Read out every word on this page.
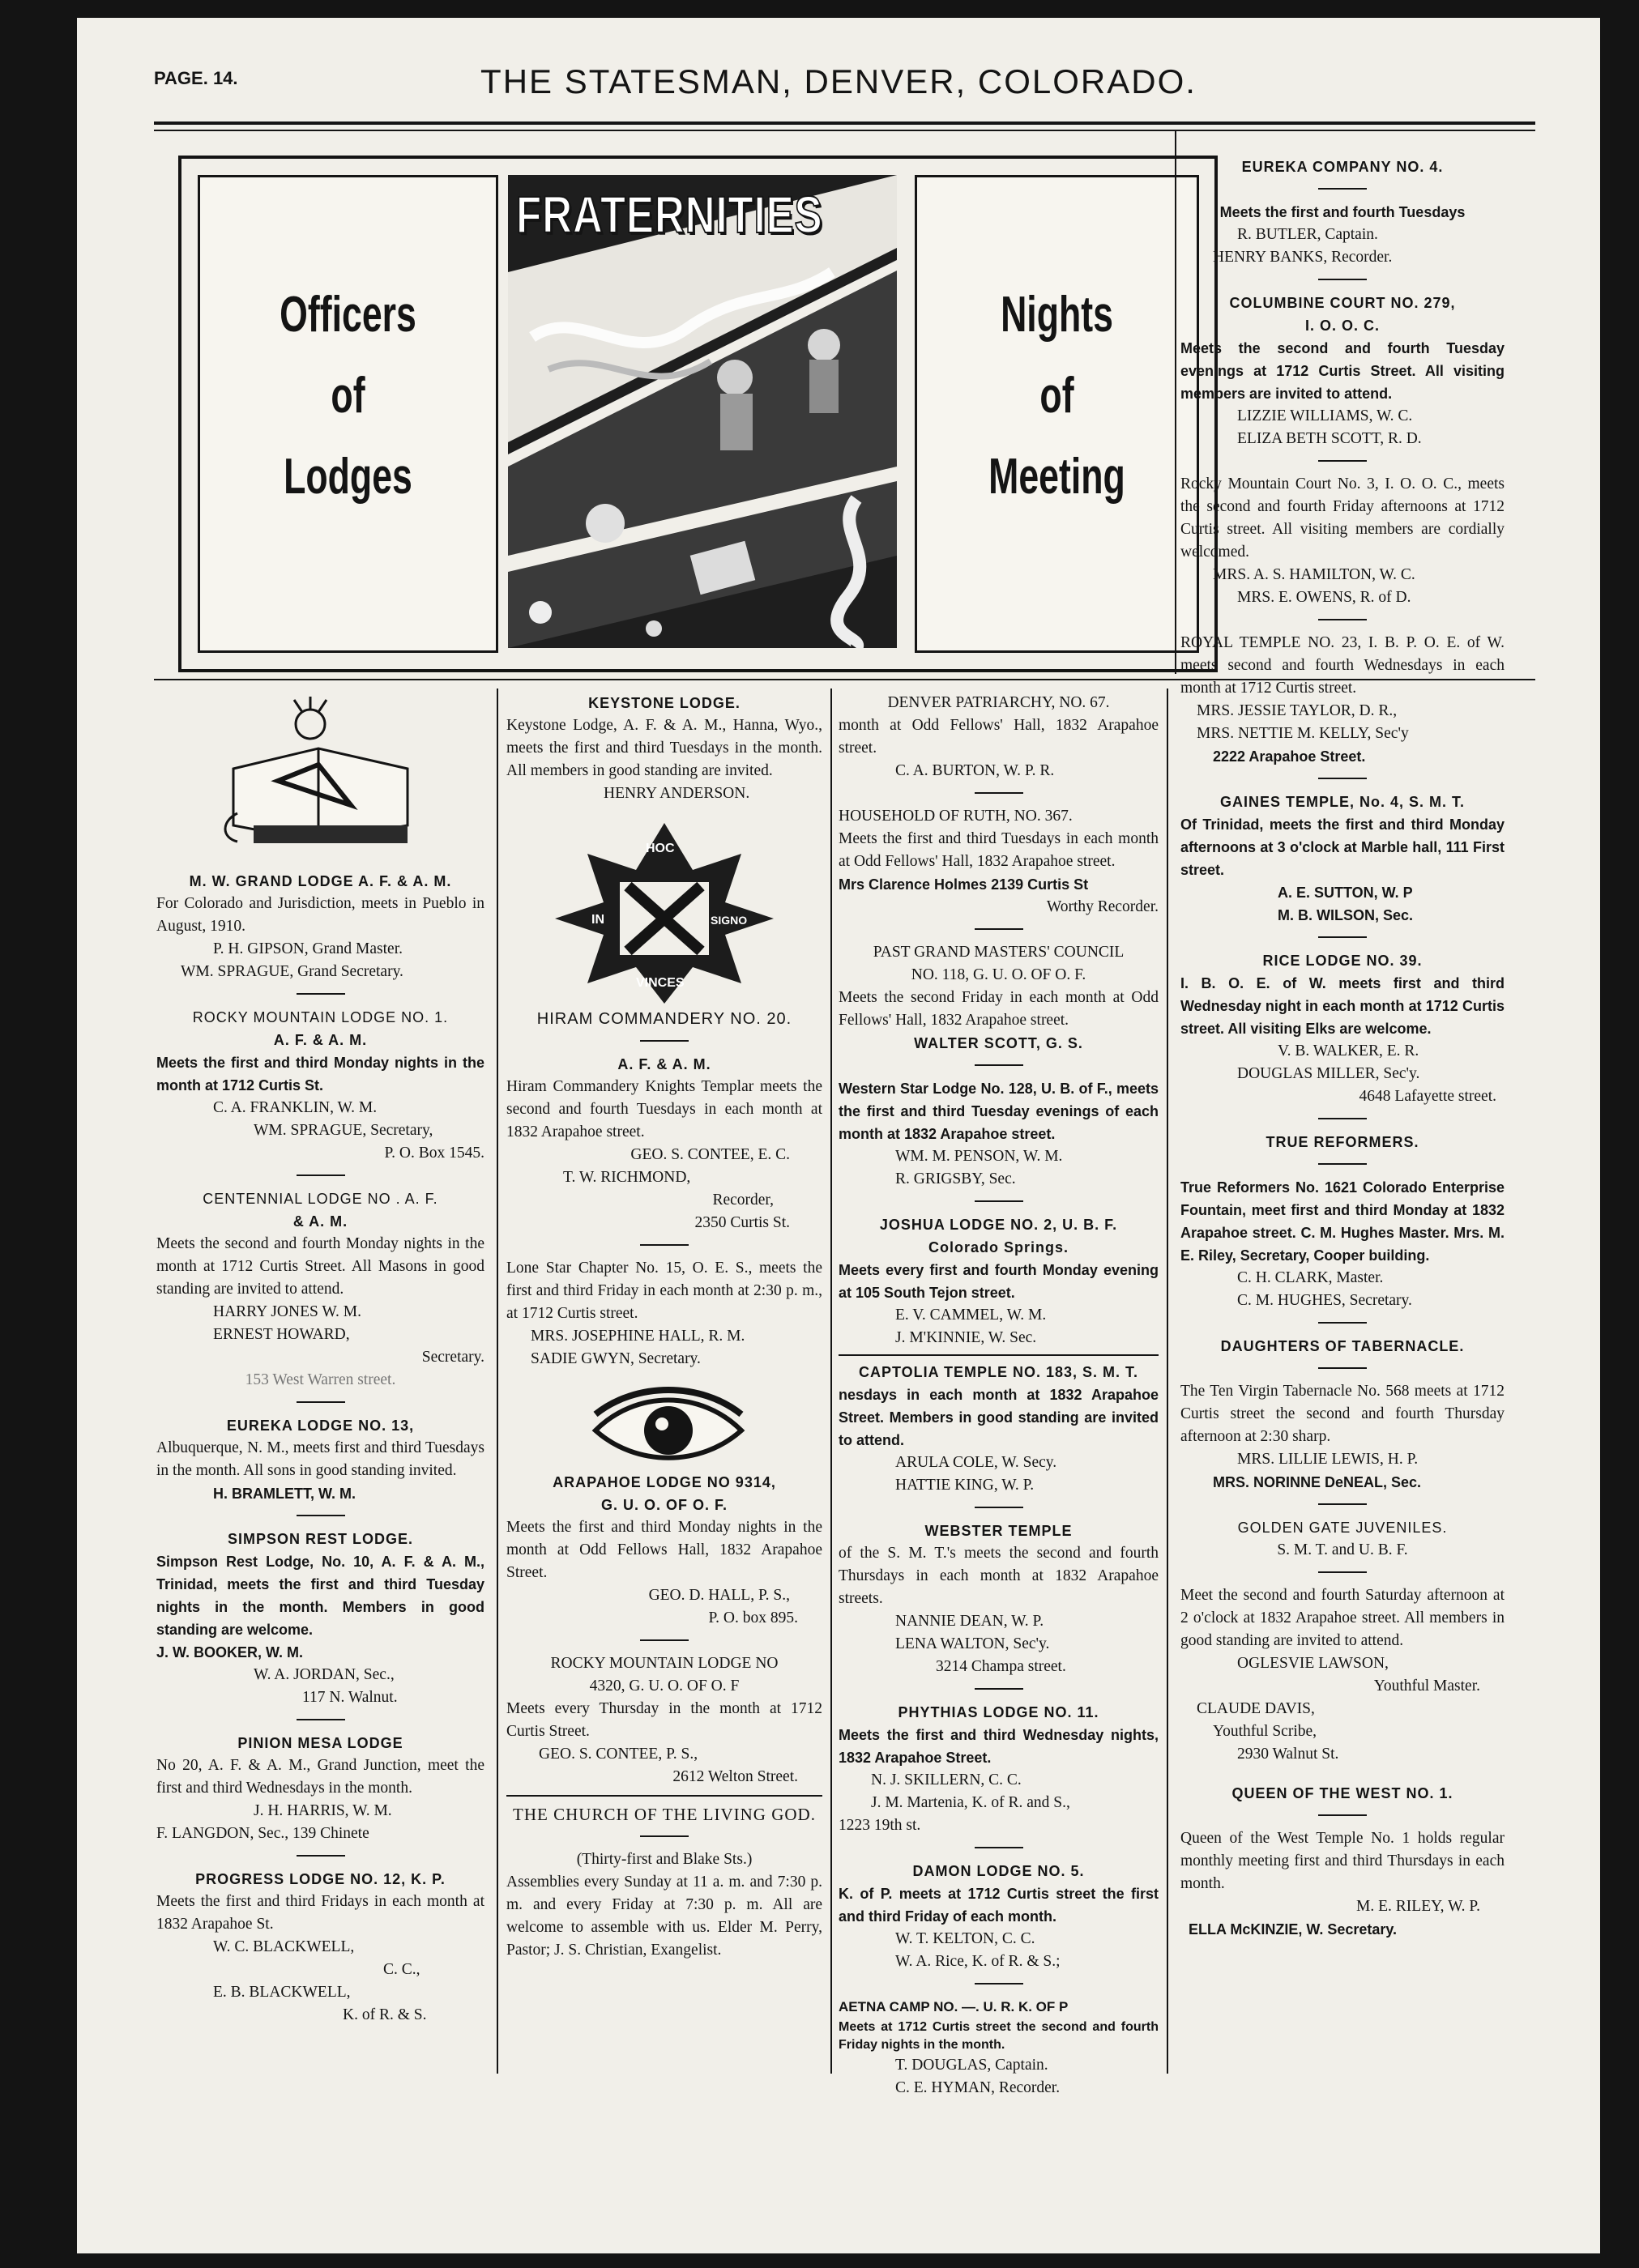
PAGE. 14.	THE STATESMAN, DENVER, COLORADO.
Officers
of
Lodges
FRATERNITIES
Nights
of
Meeting

M. W. GRAND LODGE A. F. & A. M.

For Colorado and Jurisdiction, meets in Pueblo in August, 1910.

P. H. GIPSON, Grand Master.

WM. SPRAGUE, Grand Secretary.

ROCKY MOUNTAIN LODGE NO. 1.

A. F. & A. M.

Meets the first and third Monday nights in the month at 1712 Curtis St.

C. A. FRANKLIN, W. M.

WM. SPRAGUE, Secretary,

P. O. Box 1545.

CENTENNIAL LODGE NO . A. F.

& A. M.

Meets the second and fourth Monday nights in the month at 1712 Curtis Street. All Masons in good standing are invited to attend.

HARRY JONES W. M.

ERNEST HOWARD,

Secretary.

153 West Warren street.

EUREKA LODGE NO. 13,

Albuquerque, N. M., meets first and third Tuesdays in the month. All sons in good standing invited.

H. BRAMLETT, W. M.

SIMPSON REST LODGE.

Simpson Rest Lodge, No. 10, A. F. & A. M., Trinidad, meets the first and third Tuesday nights in the month. Members in good standing are welcome.

J. W. BOOKER, W. M.

W. A. JORDAN, Sec.,

117 N. Walnut.

PINION MESA LODGE

No 20, A. F. & A. M., Grand Junction, meet the first and third Wednesdays in the month.

J. H. HARRIS, W. M.

F. LANGDON, Sec., 139 Chinete

PROGRESS LODGE NO. 12, K. P.

Meets the first and third Fridays in each month at 1832 Arapahoe St.

W. C. BLACKWELL,

C. C.,

E. B. BLACKWELL,

K. of R. & S.

KEYSTONE LODGE.

Keystone Lodge, A. F. & A. M., Hanna, Wyo., meets the first and third Tuesdays in the month. All members in good standing are invited.

HENRY ANDERSON.

HOC
IN	SIGNO
VINCES

HIRAM COMMANDERY NO. 20.

A. F. & A. M.

Hiram Commandery Knights Templar meets the second and fourth Tuesdays in each month at 1832 Arapahoe street.

GEO. S. CONTEE, E. C.

T. W. RICHMOND,

Recorder,

2350 Curtis St.

Lone Star Chapter No. 15, O. E. S., meets the first and third Friday in each month at 2:30 p. m., at 1712 Curtis street.

MRS. JOSEPHINE HALL, R. M.

SADIE GWYN, Secretary.

ARAPAHOE LODGE NO 9314,

G. U. O. OF O. F.

Meets the first and third Monday nights in the month at Odd Fellows Hall, 1832 Arapahoe Street.

GEO. D. HALL, P. S.,

P. O. box 895.

ROCKY MOUNTAIN LODGE NO

4320, G. U. O. OF O. F

Meets every Thursday in the month at 1712 Curtis Street.

GEO. S. CONTEE, P. S.,

2612 Welton Street.

THE CHURCH OF THE LIVING GOD.

(Thirty-first and Blake Sts.)

Assemblies every Sunday at 11 a. m. and 7:30 p. m. and every Friday at 7:30 p. m. All are welcome to assemble with us. Elder M. Perry, Pastor; J. S. Christian, Exangelist.

DENVER PATRIARCHY, NO. 67.

month at Odd Fellows' Hall, 1832 Arapahoe street.

C. A. BURTON, W. P. R.

HOUSEHOLD OF RUTH, NO. 367.

Meets the first and third Tuesdays in each month at Odd Fellows' Hall, 1832 Arapahoe street.

Mrs Clarence Holmes 2139 Curtis St

Worthy Recorder.

PAST GRAND MASTERS' COUNCIL

NO. 118, G. U. O. OF O. F.

Meets the second Friday in each month at Odd Fellows' Hall, 1832 Arapahoe street.

WALTER SCOTT, G. S.

Western Star Lodge No. 128, U. B. of F., meets the first and third Tuesday evenings of each month at 1832 Arapahoe street.

WM. M. PENSON, W. M.

R. GRIGSBY, Sec.

JOSHUA LODGE NO. 2, U. B. F.

Colorado Springs.

Meets every first and fourth Monday evening at 105 South Tejon street.

E. V. CAMMEL, W. M.

J. M'KINNIE, W. Sec.

CAPTOLIA TEMPLE NO. 183, S. M. T.

nesdays in each month at 1832 Arapahoe Street. Members in good standing are invited to attend.

ARULA COLE, W. Secy.

HATTIE KING, W. P.

WEBSTER TEMPLE

of the S. M. T.'s meets the second and fourth Thursdays in each month at 1832 Arapahoe streets.

NANNIE DEAN, W. P.

LENA WALTON, Sec'y.

3214 Champa street.

PHYTHIAS LODGE NO. 11.

Meets the first and third Wednesday nights, 1832 Arapahoe Street.

N. J. SKILLERN, C. C.

J. M. Martenia, K. of R. and S.,

1223 19th st.

DAMON LODGE NO. 5.

K. of P. meets at 1712 Curtis street the first and third Friday of each month.

W. T. KELTON, C. C.

W. A. Rice, K. of R. & S.;

AETNA CAMP NO. —. U. R. K. OF P

Meets at 1712 Curtis street the second and fourth Friday nights in the month.

T. DOUGLAS, Captain.

C. E. HYMAN, Recorder.

EUREKA COMPANY NO. 4.

Meets the first and fourth Tuesdays

R. BUTLER, Captain.

HENRY BANKS, Recorder.

COLUMBINE COURT NO. 279,

I. O. O. C.

Meets the second and fourth Tuesday evenings at 1712 Curtis Street. All visiting members are invited to attend.

LIZZIE WILLIAMS, W. C.

ELIZA BETH SCOTT, R. D.

Rocky Mountain Court No. 3, I. O. O. C., meets the second and fourth Friday afternoons at 1712 Curtis street. All visiting members are cordially welcomed.

MRS. A. S. HAMILTON, W. C.

MRS. E. OWENS, R. of D.

ROYAL TEMPLE NO. 23, I. B. P. O. E. of W. meets second and fourth Wednesdays in each month at 1712 Curtis street.

MRS. JESSIE TAYLOR, D. R.,

MRS. NETTIE M. KELLY, Sec'y

2222 Arapahoe Street.

GAINES TEMPLE, No. 4, S. M. T.

Of Trinidad, meets the first and third Monday afternoons at 3 o'clock at Marble hall, 111 First street.

A. E. SUTTON, W. P

M. B. WILSON, Sec.

RICE LODGE NO. 39.

I. B. O. E. of W. meets first and third Wednesday night in each month at 1712 Curtis street. All visiting Elks are welcome.

V. B. WALKER, E. R.

DOUGLAS MILLER, Sec'y.

4648 Lafayette street.

TRUE REFORMERS.

True Reformers No. 1621 Colorado Enterprise Fountain, meet first and third Monday at 1832 Arapahoe street. C. M. Hughes Master. Mrs. M. E. Riley, Secretary, Cooper building.

C. H. CLARK, Master.

C. M. HUGHES, Secretary.

DAUGHTERS OF TABERNACLE.

The Ten Virgin Tabernacle No. 568 meets at 1712 Curtis street the second and fourth Thursday afternoon at 2:30 sharp.

MRS. LILLIE LEWIS, H. P.

MRS. NORINNE DeNEAL, Sec.

GOLDEN GATE JUVENILES.

S. M. T. and U. B. F.

Meet the second and fourth Saturday afternoon at 2 o'clock at 1832 Arapahoe street. All members in good standing are invited to attend.

OGLESVIE LAWSON,

Youthful Master.

CLAUDE DAVIS,

Youthful Scribe,

2930 Walnut St.

QUEEN OF THE WEST NO. 1.

Queen of the West Temple No. 1 holds regular monthly meeting first and third Thursdays in each month.

M. E. RILEY, W. P.

ELLA McKINZIE, W. Secretary.
